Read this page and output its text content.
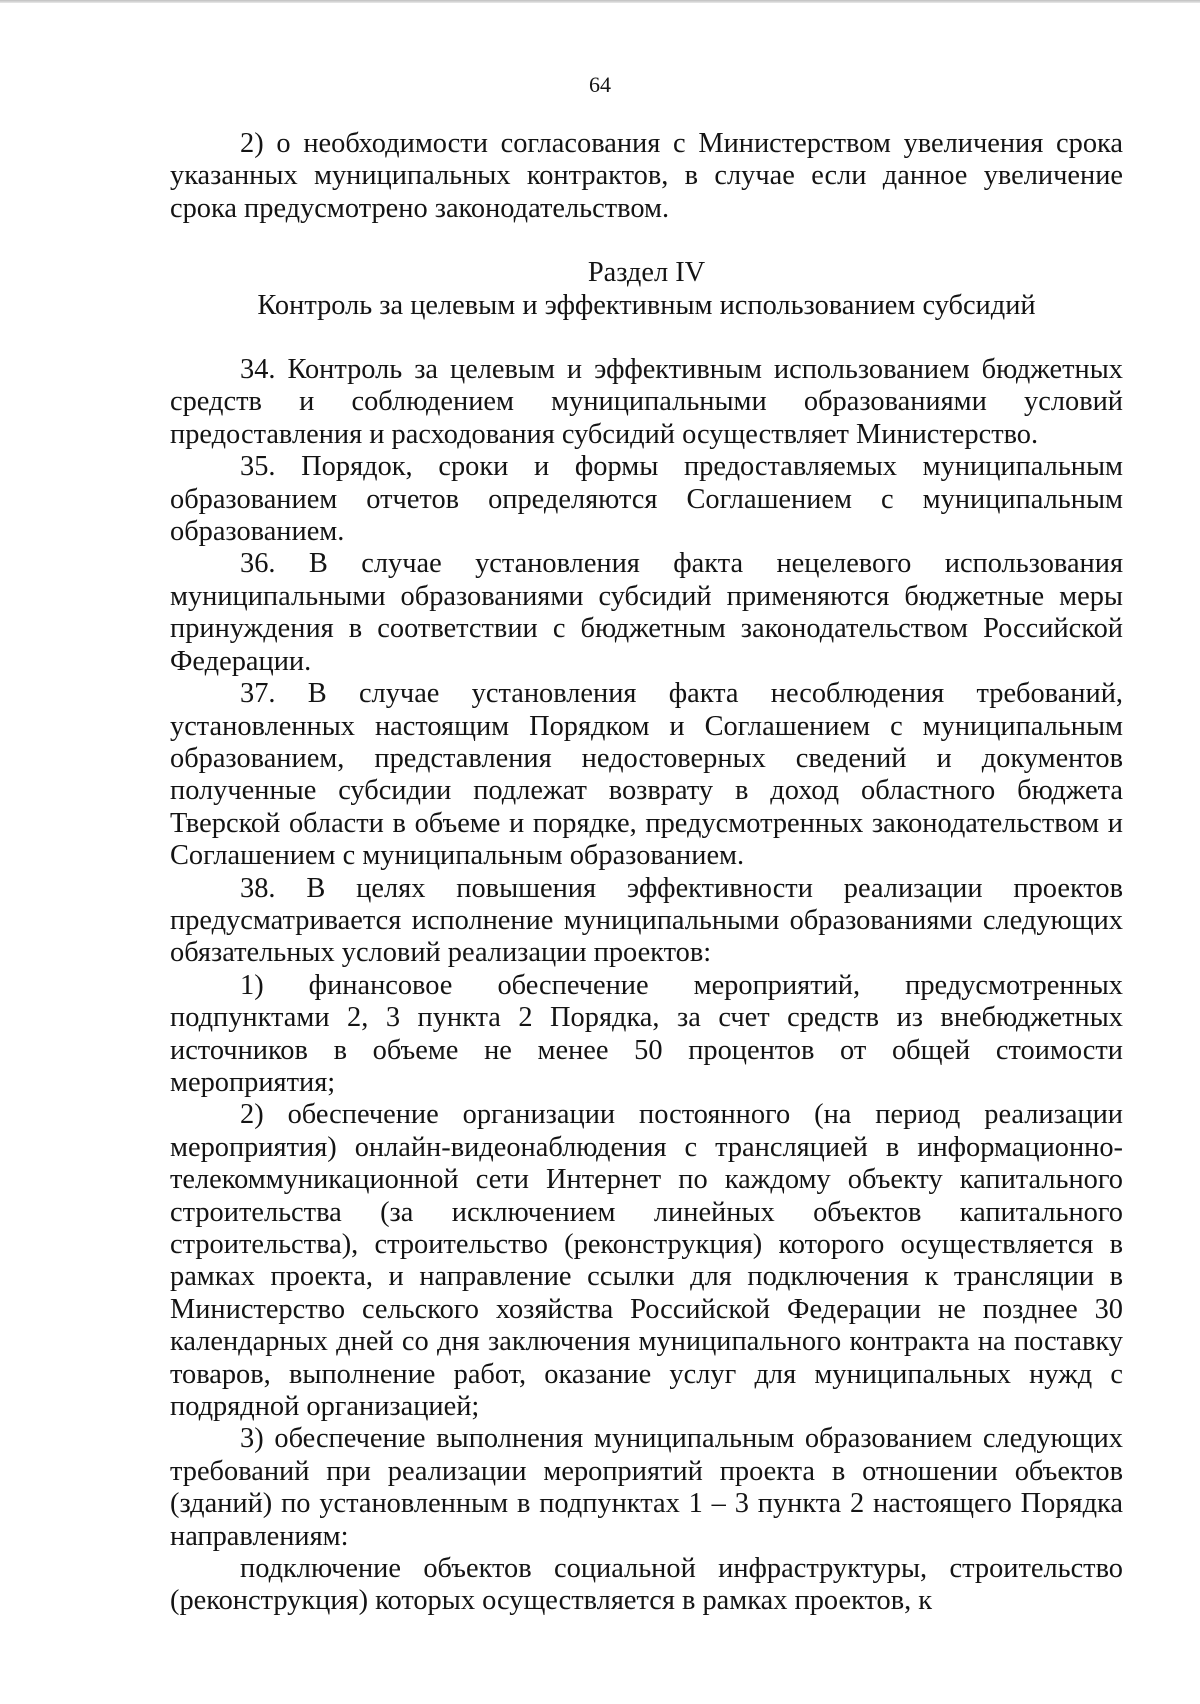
64

2) о необходимости согласования с Министерством увеличения срока указанных муниципальных контрактов, в случае если данное увеличение срока предусмотрено законодательством.

Раздел IV

Контроль за целевым и эффективным использованием субсидий

34. Контроль за целевым и эффективным использованием бюджетных средств и соблюдением муниципальными образованиями условий предоставления и расходования субсидий осуществляет Министерство.

35. Порядок, сроки и формы предоставляемых муниципальным образованием отчетов определяются Соглашением с муниципальным образованием.

36. В случае установления факта нецелевого использования муниципальными образованиями субсидий применяются бюджетные меры принуждения в соответствии с бюджетным законодательством Российской Федерации.

37. В случае установления факта несоблюдения требований, установленных настоящим Порядком и Соглашением с муниципальным образованием, представления недостоверных сведений и документов полученные субсидии подлежат возврату в доход областного бюджета Тверской области в объеме и порядке, предусмотренных законодательством и Соглашением с муниципальным образованием.

38. В целях повышения эффективности реализации проектов предусматривается исполнение муниципальными образованиями следующих обязательных условий реализации проектов:

1) финансовое обеспечение мероприятий, предусмотренных подпунктами 2, 3 пункта 2 Порядка, за счет средств из внебюджетных источников в объеме не менее 50 процентов от общей стоимости мероприятия;

2) обеспечение организации постоянного (на период реализации мероприятия) онлайн-видеонаблюдения с трансляцией в информационно-телекоммуникационной сети Интернет по каждому объекту капитального строительства (за исключением линейных объектов капитального строительства), строительство (реконструкция) которого осуществляется в рамках проекта, и направление ссылки для подключения к трансляции в Министерство сельского хозяйства Российской Федерации не позднее 30 календарных дней со дня заключения муниципального контракта на поставку товаров, выполнение работ, оказание услуг для муниципальных нужд с подрядной организацией;

3) обеспечение выполнения муниципальным образованием следующих требований при реализации мероприятий проекта в отношении объектов (зданий) по установленным в подпунктах 1 – 3 пункта 2 настоящего Порядка направлениям:

подключение объектов социальной инфраструктуры, строительство (реконструкция) которых осуществляется в рамках проектов, к
